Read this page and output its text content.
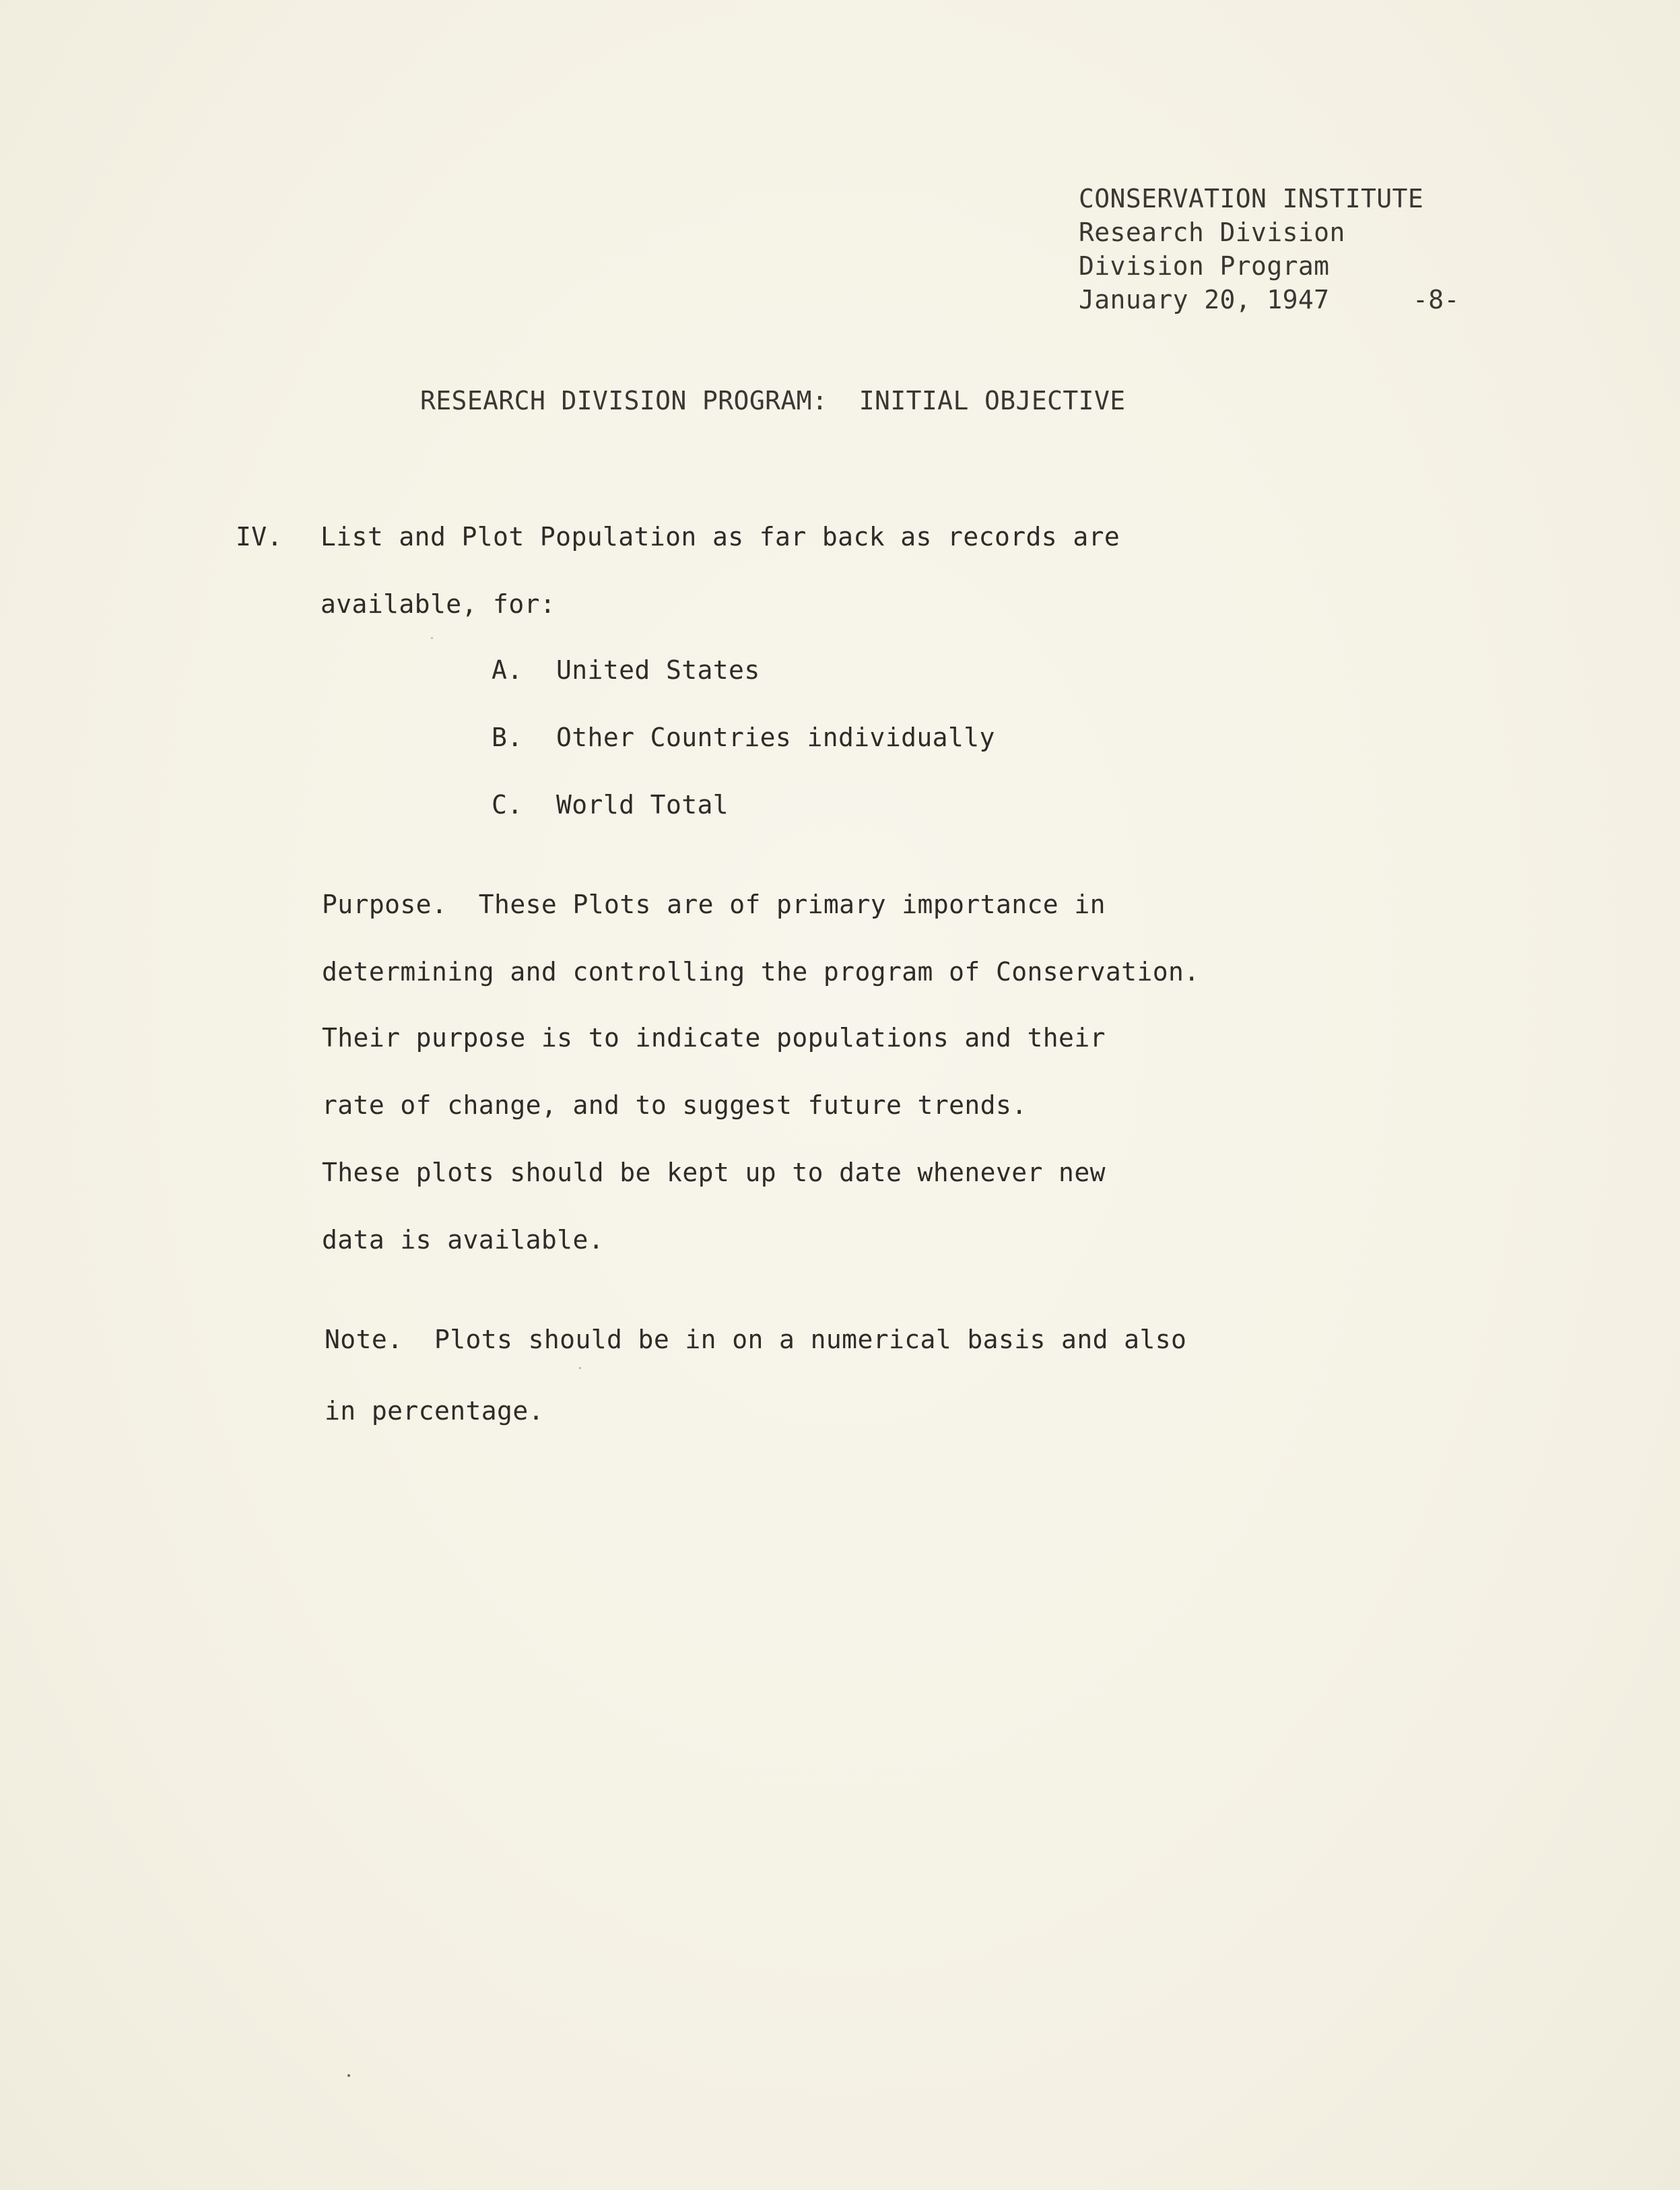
CONSERVATION INSTITUTE
Research Division
Division Program
January 20, 1947	-8-
RESEARCH DIVISION PROGRAM:  INITIAL OBJECTIVE
IV. List and Plot Population as far back as records are
available, for:
A. United States
B. Other Countries individually
C. World Total
Purpose.  These Plots are of primary importance in
determining and controlling the program of Conservation.
Their purpose is to indicate populations and their
rate of change, and to suggest future trends.
These plots should be kept up to date whenever new
data is available.
Note.  Plots should be in on a numerical basis and also
in percentage.
